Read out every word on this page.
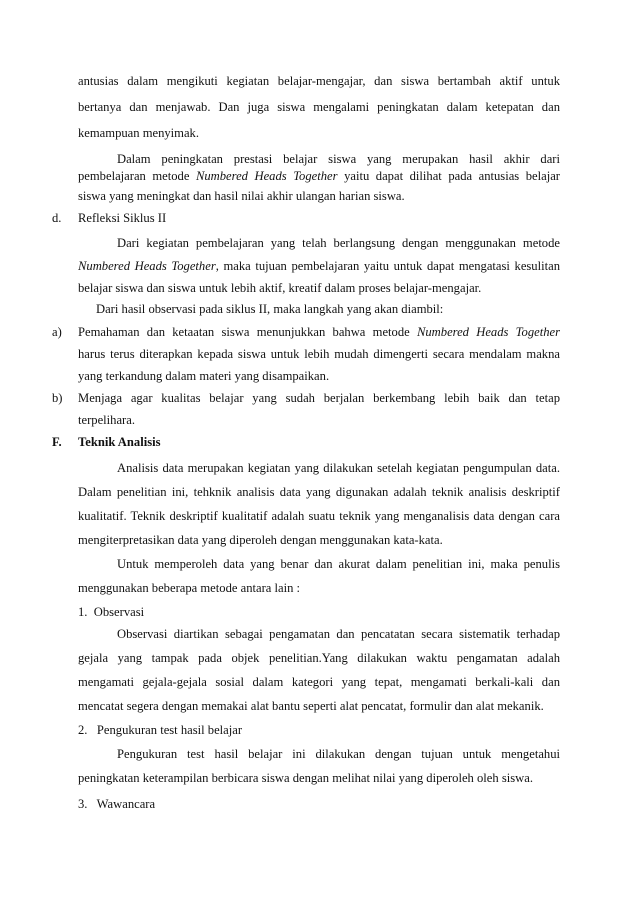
antusias dalam mengikuti kegiatan belajar-mengajar, dan siswa bertambah aktif untuk
bertanya dan menjawab. Dan juga siswa mengalami peningkatan dalam ketepatan dan
kemampuan menyimak.
Dalam peningkatan prestasi belajar siswa yang merupakan hasil akhir dari
pembelajaran metode Numbered Heads Together yaitu dapat dilihat pada antusias belajar
siswa yang meningkat dan hasil nilai akhir ulangan harian siswa.
d. Refleksi Siklus II
Dari kegiatan pembelajaran yang telah berlangsung dengan menggunakan metode
Numbered Heads Together, maka tujuan pembelajaran yaitu untuk dapat mengatasi kesulitan
belajar siswa dan siswa untuk lebih aktif, kreatif dalam proses belajar-mengajar.
Dari hasil observasi pada siklus II, maka langkah yang akan diambil:
a) Pemahaman dan ketaatan siswa menunjukkan bahwa metode Numbered Heads Together
harus terus diterapkan kepada siswa untuk lebih mudah dimengerti secara mendalam makna
yang terkandung dalam materi yang disampaikan.
b) Menjaga agar kualitas belajar yang sudah berjalan berkembang lebih baik dan tetap
terpelihara.
F. Teknik Analisis
Analisis data merupakan kegiatan yang dilakukan setelah kegiatan pengumpulan data.
Dalam penelitian ini, tehknik analisis data yang digunakan adalah teknik analisis deskriptif
kualitatif. Teknik deskriptif kualitatif adalah suatu teknik yang menganalisis data dengan cara
mengiterpretasikan data yang diperoleh dengan menggunakan kata-kata.
Untuk memperoleh data yang benar dan akurat dalam penelitian ini, maka penulis
menggunakan beberapa metode antara lain :
1.  Observasi
Observasi diartikan sebagai pengamatan dan pencatatan secara sistematik terhadap
gejala yang tampak pada objek penelitian.Yang dilakukan waktu pengamatan adalah
mengamati gejala-gejala sosial dalam kategori yang tepat, mengamati berkali-kali dan
mencatat segera dengan memakai alat bantu seperti alat pencatat, formulir dan alat mekanik.
2.   Pengukuran test hasil belajar
Pengukuran test hasil belajar ini dilakukan dengan tujuan untuk mengetahui
peningkatan keterampilan berbicara siswa dengan melihat nilai yang diperoleh oleh siswa.
3.   Wawancara
